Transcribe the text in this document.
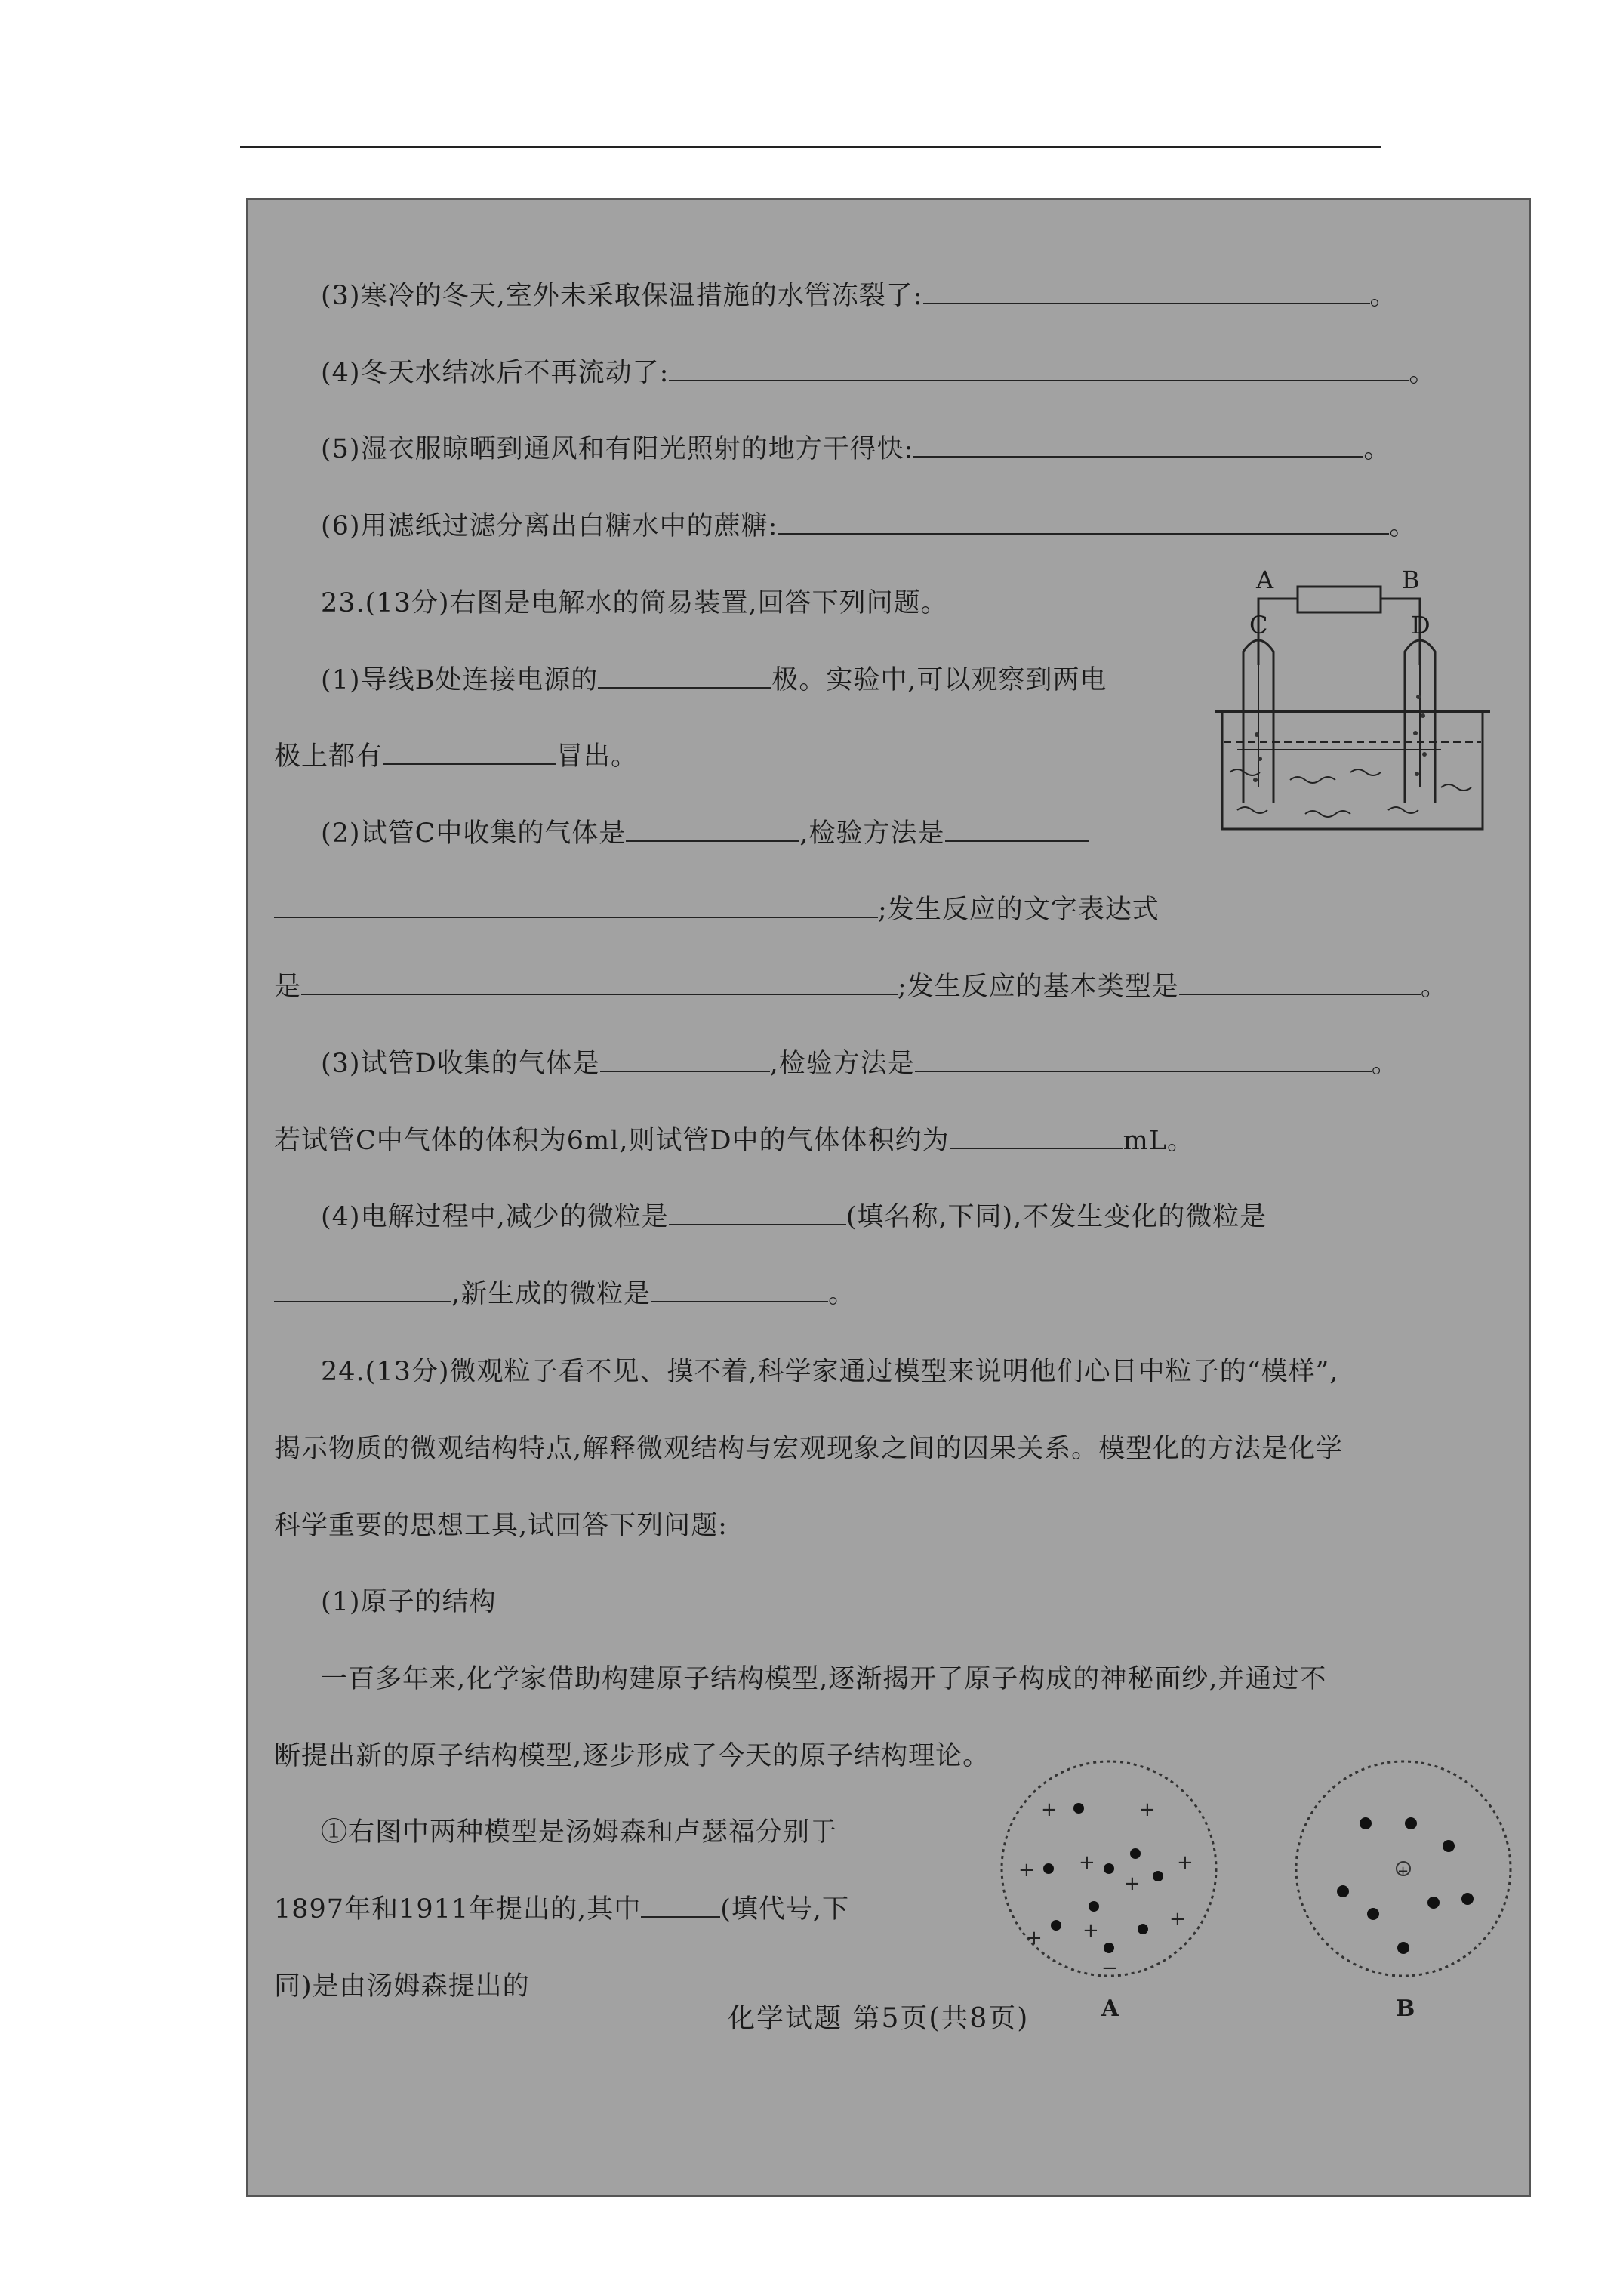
(3)寒冷的冬天,室外未采取保温措施的水管冻裂了:	。
(4)冬天水结冰后不再流动了:	。
(5)湿衣服晾晒到通风和有阳光照射的地方干得快:	。
(6)用滤纸过滤分离出白糖水中的蔗糖:	。
23.(13分)右图是电解水的简易装置,回答下列问题。
(1)导线B处连接电源的	极。实验中,可以观察到两电
极上都有	冒出。
(2)试管C中收集的气体是	,检验方法是
;发生反应的文字表达式
是	;发生反应的基本类型是	。
(3)试管D收集的气体是	,检验方法是	。
若试管C中气体的体积为6ml,则试管D中的气体体积约为	mL。
(4)电解过程中,减少的微粒是	(填名称,下同),不发生变化的微粒是
,新生成的微粒是	。
A	B
C	D
24.(13分)微观粒子看不见、摸不着,科学家通过模型来说明他们心目中粒子的“模样”,
揭示物质的微观结构特点,解释微观结构与宏观现象之间的因果关系。模型化的方法是化学
科学重要的思想工具,试回答下列问题:
(1)原子的结构
一百多年来,化学家借助构建原子结构模型,逐渐揭开了原子构成的神秘面纱,并通过不
断提出新的原子结构模型,逐步形成了今天的原子结构理论。
①右图中两种模型是汤姆森和卢瑟福分别于
1897年和1911年提出的,其中	(填代号,下
同)是由汤姆森提出的
+	+
+ +	+
+
+ +	+
−
A
+
B
化学试题 第5页(共8页)
